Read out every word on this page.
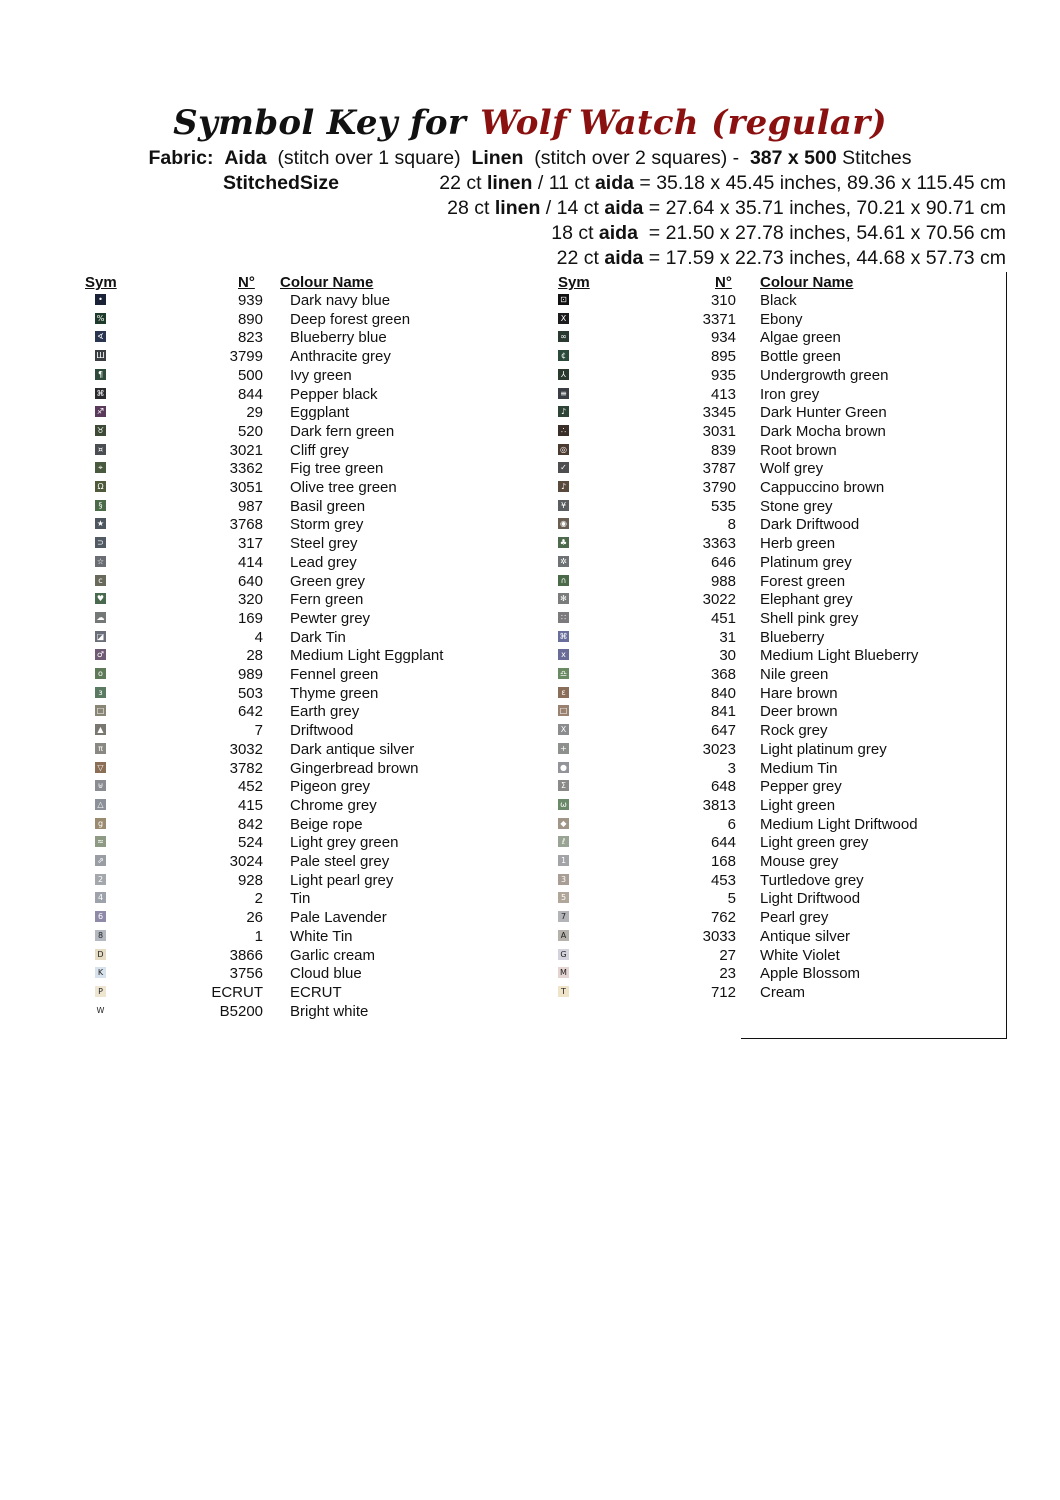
Symbol Key for Wolf Watch (regular)
Fabric: Aida (stitch over 1 square) Linen (stitch over 2 squares) - 387 x 500 Stitches
StitchedSize	22 ct linen / 11 ct aida = 35.18 x 45.45 inches, 89.36 x 115.45 cm
28 ct linen / 14 ct aida = 27.64 x 35.71 inches, 70.21 x 90.71 cm
18 ct aida  = 21.50 x 27.78 inches, 54.61 x 70.56 cm
22 ct aida = 17.59 x 22.73 inches, 44.68 x 57.73 cm
Sym	N° Colour Name	Sym	N° Colour Name
•	939 Dark navy blue
%	890 Deep forest green
∢	823 Blueberry blue
Ш	3799 Anthracite grey
¶	500 Ivy green
⌘	844 Pepper black
♐	29 Eggplant
♉	520 Dark fern green
¤	3021 Cliff grey
⌖	3362 Fig tree green
Ω	3051 Olive tree green
§	987 Basil green
★	3768 Storm grey
⊃	317 Steel grey
☆	414 Lead grey
c	640 Green grey
♥	320 Fern green
☁	169 Pewter grey
◪	4 Dark Tin
♂	28 Medium Light Eggplant
o	989 Fennel green
ɜ	503 Thyme green
□	642 Earth grey
▲	7 Driftwood
π	3032 Dark antique silver
▽	3782 Gingerbread brown
⊎	452 Pigeon grey
△	415 Chrome grey
g	842 Beige rope
≈	524 Light grey green
⇗	3024 Pale steel grey
2	928 Light pearl grey
4	2 Tin
6	26 Pale Lavender
8	1 White Tin
D	3866 Garlic cream
K	3756 Cloud blue
P	ECRUT ECRUT
W	B5200 Bright white
⊡	310 Black
X	3371 Ebony
∞	934 Algae green
¢	895 Bottle green
⅄	935 Undergrowth green
≡	413 Iron grey
♪	3345 Dark Hunter Green
∴	3031 Dark Mocha brown
◎	839 Root brown
✓	3787 Wolf grey
♪	3790 Cappuccino brown
¥	535 Stone grey
◉	8 Dark Driftwood
♣	3363 Herb green
✲	646 Platinum grey
∩	988 Forest green
✻	3022 Elephant grey
∷	451 Shell pink grey
⌘	31 Blueberry
x	30 Medium Light Blueberry
♎	368 Nile green
ε	840 Hare brown
□	841 Deer brown
X	647 Rock grey
+	3023 Light platinum grey
●	3 Medium Tin
Σ	648 Pepper grey
ω	3813 Light green
◆	6 Medium Light Driftwood
ℓ	644 Light green grey
1	168 Mouse grey
3	453 Turtledove grey
5	5 Light Driftwood
7	762 Pearl grey
A	3033 Antique silver
G	27 White Violet
M	23 Apple Blossom
T	712 Cream
